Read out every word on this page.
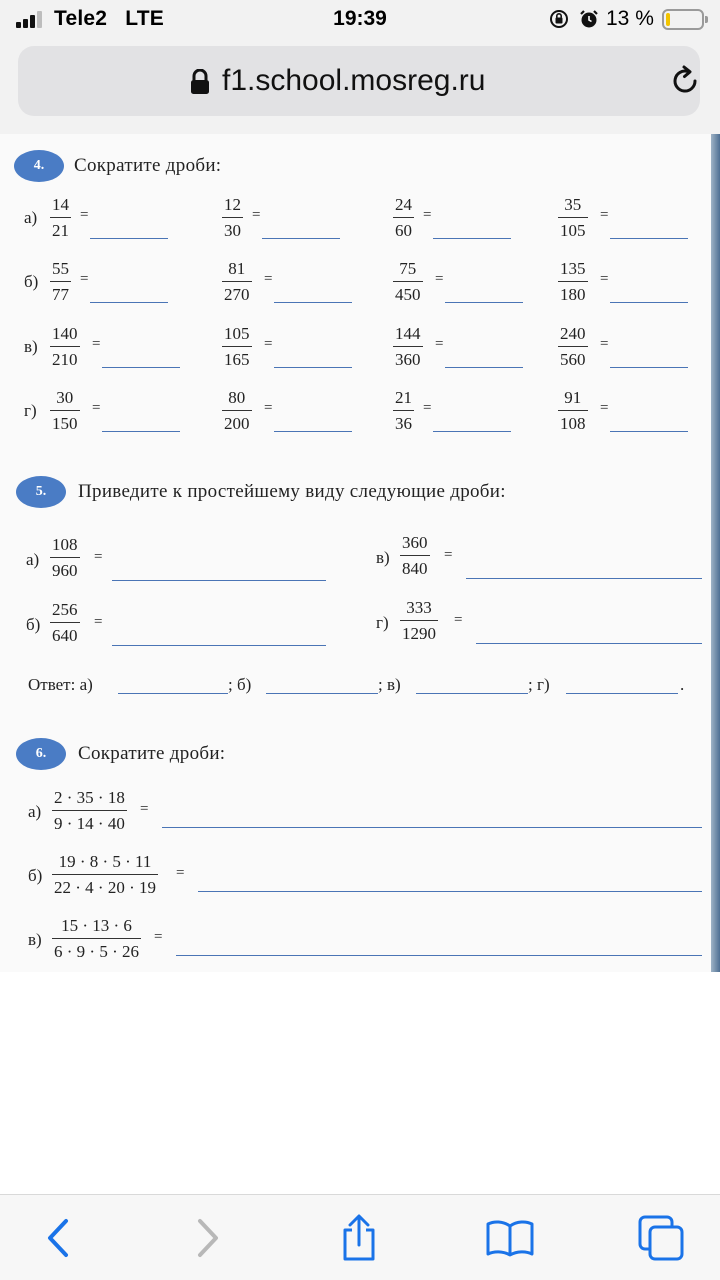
Tele2 LTE	19:39	13 %
f1.school.mosreg.ru
4.	Сократите дроби:
$а) \frac{14}{21}$ =	$\frac{12}{30}$ =	$\frac{24}{60}$ =	$\frac{35}{105}$ =
$б) \frac{55}{77}$ =	$\frac{81}{270}$ =	$\frac{75}{450}$ =	$\frac{135}{180}$ =
$в) \frac{140}{210}$ =	$\frac{105}{165}$ =	$\frac{144}{360}$ =	$\frac{240}{560}$ =
$г) \frac{30}{150}$ =	$\frac{80}{200}$ =	$\frac{21}{36}$ =	$\frac{91}{108}$ =
5.	Приведите к простейшему виду следующие дроби:
$а) \frac{108}{960}$ =	$в) \frac{360}{840}$ =
$б) \frac{256}{640}$ =	$г) \frac{333}{1290}$ =
Ответ: а)	; б)	; в)	; г)	.
6.	Сократите дроби:
$а) \frac{2 \cdot 35 \cdot 18}{9 \cdot 14 \cdot 40}$ =
$б) \frac{19 \cdot 8 \cdot 5 \cdot 11}{22 \cdot 4 \cdot 20 \cdot 19}$ =
$в) \frac{15 \cdot 13 \cdot 6}{6 \cdot 9 \cdot 5 \cdot 26}$ =
